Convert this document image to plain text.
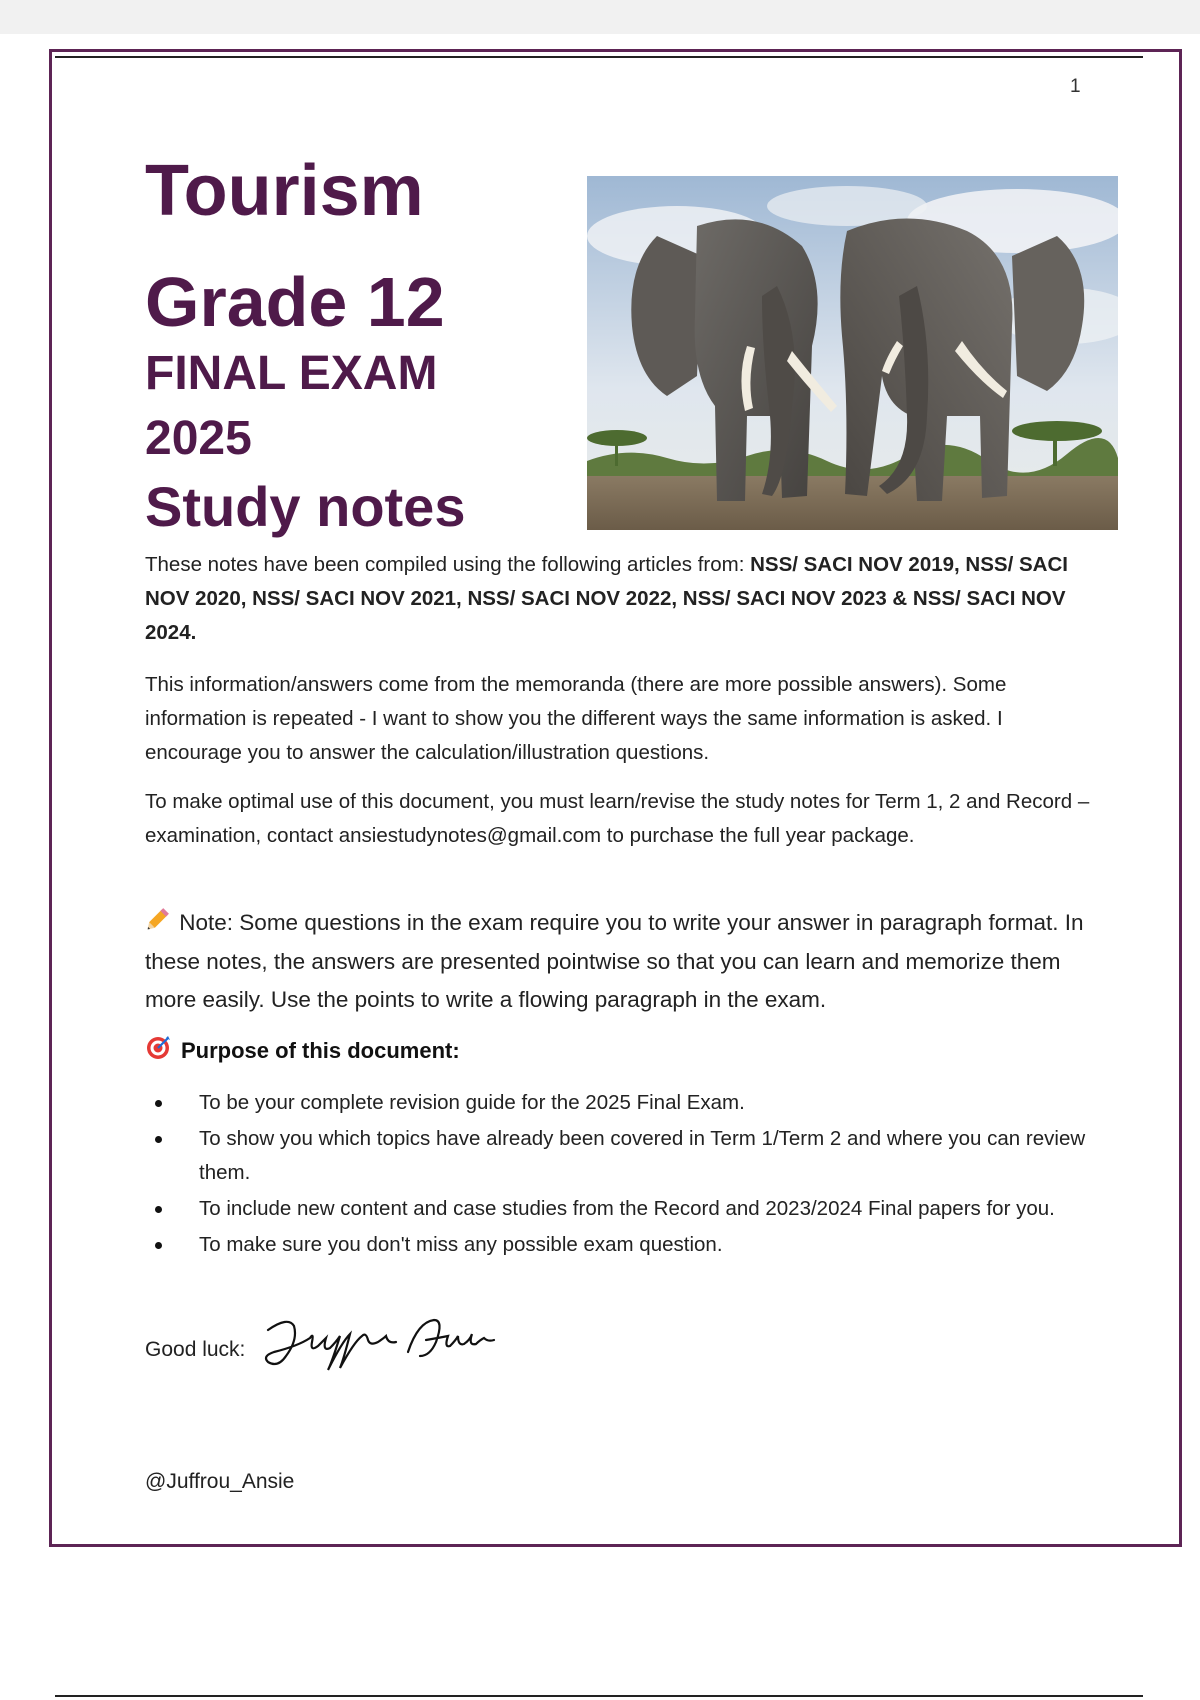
1
Tourism
Grade 12
FINAL EXAM
2025
Study notes

These notes have been compiled using the following articles from: NSS/ SACI NOV 2019, NSS/ SACI NOV 2020, NSS/ SACI NOV 2021, NSS/ SACI NOV 2022, NSS/ SACI NOV 2023 & NSS/ SACI NOV 2024.

This information/answers come from the memoranda (there are more possible answers). Some information is repeated - I want to show you the different ways the same information is asked. I encourage you to answer the calculation/illustration questions.

To make optimal use of this document, you must learn/revise the study notes for Term 1, 2 and Record – examination, contact ansiestudynotes@gmail.com to purchase the full year package.

Note: Some questions in the exam require you to write your answer in paragraph format. In these notes, the answers are presented pointwise so that you can learn and memorize them more easily. Use the points to write a flowing paragraph in the exam.

Purpose of this document:
To be your complete revision guide for the 2025 Final Exam.
To show you which topics have already been covered in Term 1/Term 2 and where you can review them.
To include new content and case studies from the Record and 2023/2024 Final papers for you.
To make sure you don't miss any possible exam question.
Good luck:
@Juffrou_Ansie
